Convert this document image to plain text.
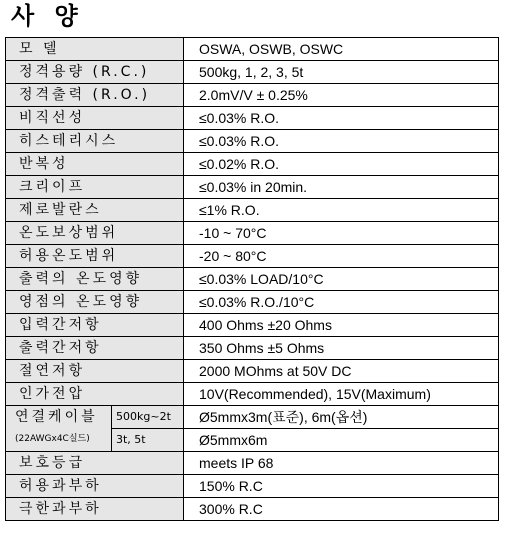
사 양
모 델		OSWA, OSWB, OSWC
정격용량 (R.C.)		500kg, 1, 2, 3, 5t
정격출력 (R.O.)		2.0mV/V ± 0.25%
비직선성		≤0.03% R.O.
히스테리시스		≤0.03% R.O.
반복성		≤0.02% R.O.
크리이프		≤0.03% in 20min.
제로발란스		≤1% R.O.
온도보상범위		-10 ~ 70°C
허용온도범위		-20 ~ 80°C
출력의 온도영향		≤0.03% LOAD/10°C
영점의 온도영향		≤0.03% R.O./10°C
입력간저항		400 Ohms ±20 Ohms
출력간저항		350 Ohms ±5 Ohms
절연저항		2000 MOhms at 50V DC
인가전압		10V(Recommended), 15V(Maximum)

연결케이블
(22AWGx4C실드)	500kg~2t	Ø5mmx3m(표준), 6m(옵션)
	3t, 5t	Ø5mmx6m
보호등급		meets IP 68
허용과부하		150% R.C
극한과부하		300% R.C
